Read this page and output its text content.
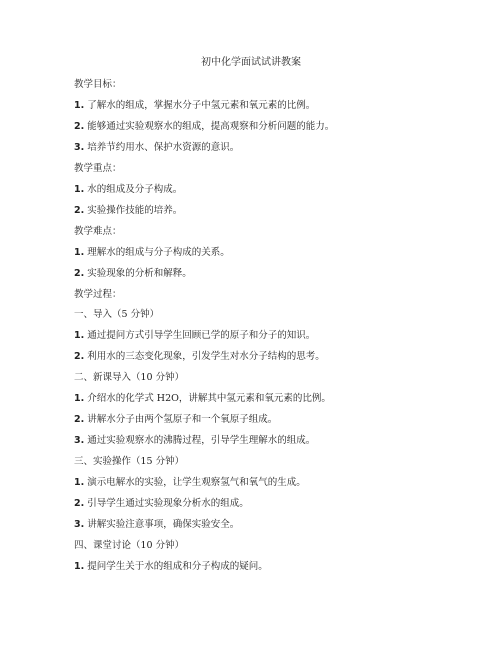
初中化学面试试讲教案
教学目标：
1. 了解水的组成，掌握水分子中氢元素和氧元素的比例。
2. 能够通过实验观察水的组成，提高观察和分析问题的能力。
3. 培养节约用水、保护水资源的意识。
教学重点：
1. 水的组成及分子构成。
2. 实验操作技能的培养。
教学难点：
1. 理解水的组成与分子构成的关系。
2. 实验现象的分析和解释。
教学过程：
一、导入（5 分钟）
1. 通过提问方式引导学生回顾已学的原子和分子的知识。
2. 利用水的三态变化现象，引发学生对水分子结构的思考。
二、新课导入（10 分钟）
1. 介绍水的化学式 H2O，讲解其中氢元素和氧元素的比例。
2. 讲解水分子由两个氢原子和一个氧原子组成。
3. 通过实验观察水的沸腾过程，引导学生理解水的组成。
三、实验操作（15 分钟）
1. 演示电解水的实验，让学生观察氢气和氧气的生成。
2. 引导学生通过实验现象分析水的组成。
3. 讲解实验注意事项，确保实验安全。
四、课堂讨论（10 分钟）
1. 提问学生关于水的组成和分子构成的疑问。
